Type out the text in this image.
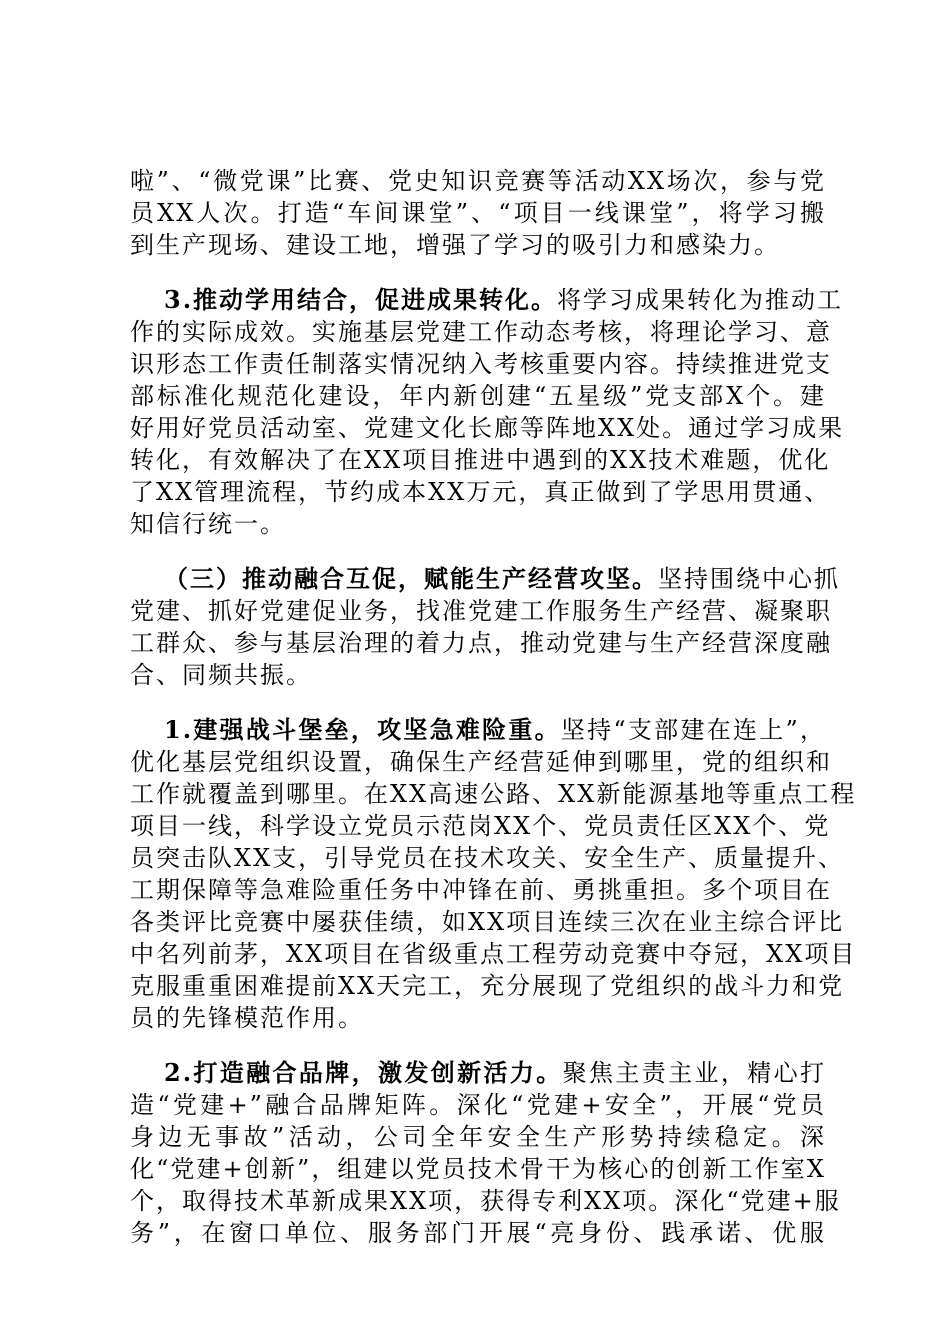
啦”、“微党课”比赛、党史知识竞赛等活动XX场次，参与党
员XX人次。打造“车间课堂”、“项目一线课堂”，将学习搬
到生产现场、建设工地，增强了学习的吸引力和感染力。
3.推动学用结合，促进成果转化。将学习成果转化为推动工
作的实际成效。实施基层党建工作动态考核，将理论学习、意
识形态工作责任制落实情况纳入考核重要内容。持续推进党支
部标准化规范化建设，年内新创建“五星级”党支部X个。建
好用好党员活动室、党建文化长廊等阵地XX处。通过学习成果
转化，有效解决了在XX项目推进中遇到的XX技术难题，优化
了XX管理流程，节约成本XX万元，真正做到了学思用贯通、
知信行统一。
（三）推动融合互促，赋能生产经营攻坚。坚持围绕中心抓
党建、抓好党建促业务，找准党建工作服务生产经营、凝聚职
工群众、参与基层治理的着力点，推动党建与生产经营深度融
合、同频共振。
1.建强战斗堡垒，攻坚急难险重。坚持“支部建在连上”，
优化基层党组织设置，确保生产经营延伸到哪里，党的组织和
工作就覆盖到哪里。在XX高速公路、XX新能源基地等重点工程
项目一线，科学设立党员示范岗XX个、党员责任区XX个、党
员突击队XX支，引导党员在技术攻关、安全生产、质量提升、
工期保障等急难险重任务中冲锋在前、勇挑重担。多个项目在
各类评比竞赛中屡获佳绩，如XX项目连续三次在业主综合评比
中名列前茅，XX项目在省级重点工程劳动竞赛中夺冠，XX项目
克服重重困难提前XX天完工，充分展现了党组织的战斗力和党
员的先锋模范作用。
2.打造融合品牌，激发创新活力。聚焦主责主业，精心打
造“党建+”融合品牌矩阵。深化“党建+安全”，开展“党员
身边无事故”活动，公司全年安全生产形势持续稳定。深
化“党建+创新”，组建以党员技术骨干为核心的创新工作室X
个，取得技术革新成果XX项，获得专利XX项。深化“党建+服
务”，在窗口单位、服务部门开展“亮身份、践承诺、优服
